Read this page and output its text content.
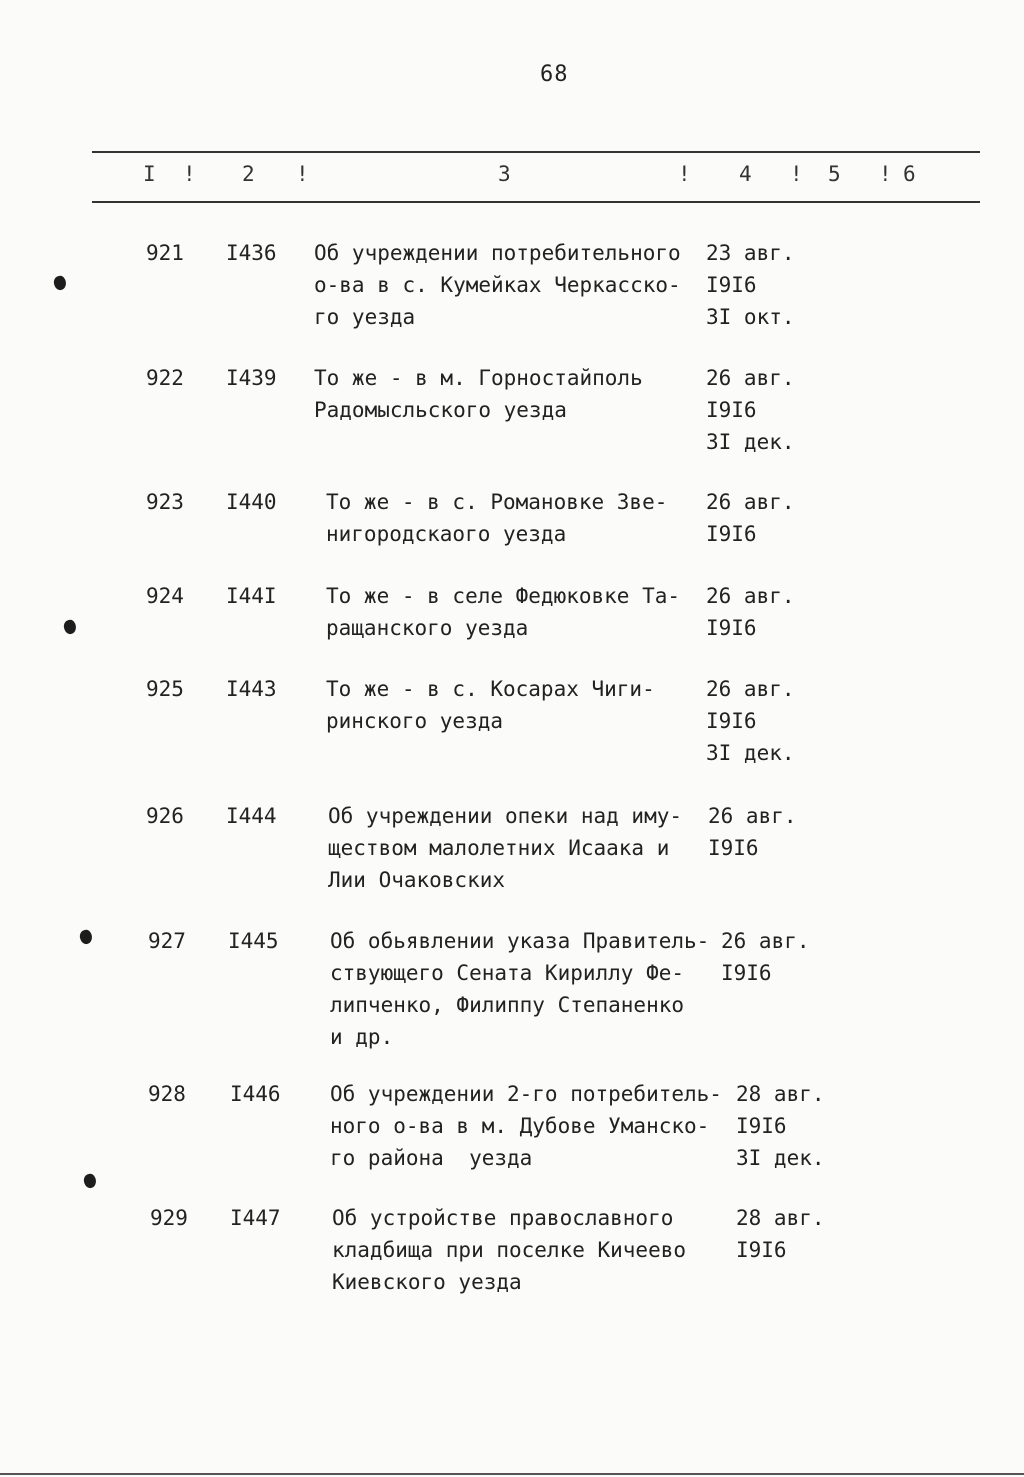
68
I ! 2 !	3	! 4 ! 5 ! 6
921 I436 Об учреждении потребительного
о-ва в с. Кумейках Черкасско-
го уезда
23 авг.
I9I6
3I окт.
922 I439 То же - в м. Горностайполь
Радомысльского уезда
26 авг.
I9I6
3I дек.
923 I440 То же - в с. Романовке Зве-
нигородскаого уезда
26 авг.
I9I6
924 I44I То же - в селе Федюковке Та-
ращанского уезда
26 авг.
I9I6
925 I443 То же - в с. Косарах Чиги-
ринского уезда
26 авг.
I9I6
3I дек.
926 I444 Об учреждении опеки над иму-
ществом малолетних Исаака и
Лии Очаковских
26 авг.
I9I6
927 I445 Об обьявлении указа Правитель-
ствующего Сената Кириллу Фе-
липченко, Филиппу Степаненко
и др.
26 авг.
I9I6
928 I446 Об учреждении 2-го потребитель-
ного о-ва в м. Дубове Уманско-
го района  уезда
28 авг.
I9I6
3I дек.
929 I447 Об устройстве православного
кладбища при поселке Кичеево
Киевского уезда
28 авг.
I9I6
